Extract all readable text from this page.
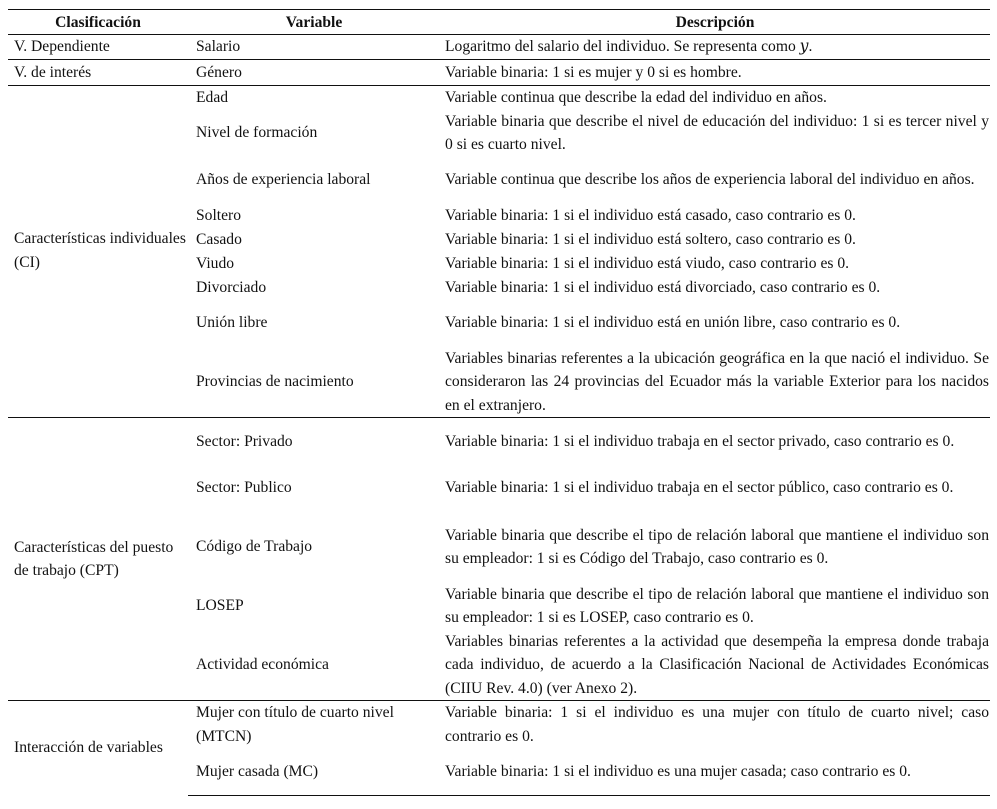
Clasificación	Variable	Descripción
V. Dependiente	Salario	Logaritmo del salario del individuo. Se representa como y.
V. de interés	Género	Variable binaria: 1 si es mujer y 0 si es hombre.
Características individuales (CI)	Edad	Variable continua que describe la edad del individuo en años.
	Nivel de formación	Variable binaria que describe el nivel de educación del individuo: 1 si es tercer nivel y 0 si es cuarto nivel.
	Años de experiencia laboral	Variable continua que describe los años de experiencia laboral del individuo en años.
	Soltero	Variable binaria: 1 si el individuo está casado, caso contrario es 0.
	Casado	Variable binaria: 1 si el individuo está soltero, caso contrario es 0.
	Viudo	Variable binaria: 1 si el individuo está viudo, caso contrario es 0.
	Divorciado	Variable binaria: 1 si el individuo está divorciado, caso contrario es 0.
	Unión libre	Variable binaria: 1 si el individuo está en unión libre, caso contrario es 0.
	Provincias de nacimiento	Variables binarias referentes a la ubicación geográfica en la que nació el individuo. Se consideraron las 24 provincias del Ecuador más la variable Exterior para los nacidos en el extranjero.
Características del puesto de trabajo (CPT)	Sector: Privado	Variable binaria: 1 si el individuo trabaja en el sector privado, caso contrario es 0.
	Sector: Publico	Variable binaria: 1 si el individuo trabaja en el sector público, caso contrario es 0.
	Código de Trabajo	Variable binaria que describe el tipo de relación laboral que mantiene el individuo son su empleador: 1 si es Código del Trabajo, caso contrario es 0.
	LOSEP	Variable binaria que describe el tipo de relación laboral que mantiene el individuo son su empleador: 1 si es LOSEP, caso contrario es 0.
	Actividad económica	Variables binarias referentes a la actividad que desempeña la empresa donde trabaja cada individuo, de acuerdo a la Clasificación Nacional de Actividades Económicas (CIIU Rev. 4.0) (ver Anexo 2).
Interacción de variables	Mujer con título de cuarto nivel (MTCN)	Variable binaria: 1 si el individuo es una mujer con título de cuarto nivel; caso contrario es 0.
	Mujer casada (MC)	Variable binaria: 1 si el individuo es una mujer casada; caso contrario es 0.
